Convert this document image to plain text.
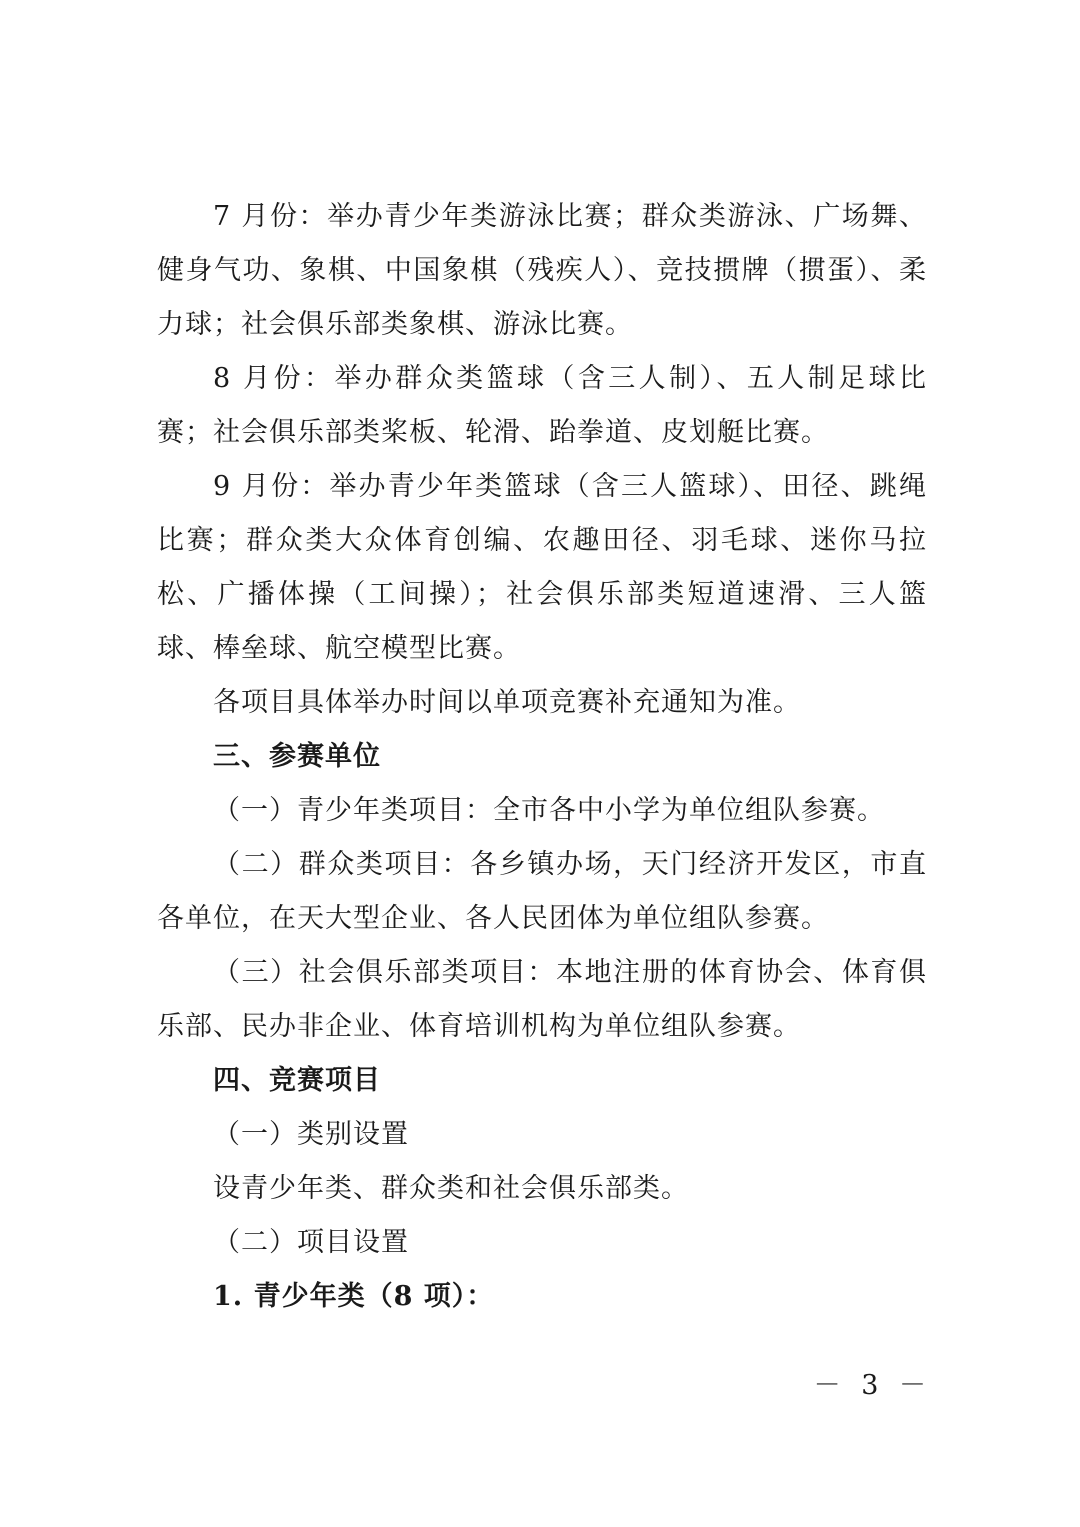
7 月份：举办青少年类游泳比赛；群众类游泳、广场舞、健身气功、象棋、中国象棋（残疾人）、竞技掼牌（掼蛋）、柔力球；社会俱乐部类象棋、游泳比赛。

8 月份：举办群众类篮球（含三人制）、五人制足球比赛；社会俱乐部类桨板、轮滑、跆拳道、皮划艇比赛。

9 月份：举办青少年类篮球（含三人篮球）、田径、跳绳比赛；群众类大众体育创编、农趣田径、羽毛球、迷你马拉松、广播体操（工间操）；社会俱乐部类短道速滑、三人篮球、棒垒球、航空模型比赛。

各项目具体举办时间以单项竞赛补充通知为准。

三、参赛单位

（一）青少年类项目：全市各中小学为单位组队参赛。

（二）群众类项目：各乡镇办场，天门经济开发区，市直各单位，在天大型企业、各人民团体为单位组队参赛。

（三）社会俱乐部类项目：本地注册的体育协会、体育俱乐部、民办非企业、体育培训机构为单位组队参赛。

四、竞赛项目

（一）类别设置

设青少年类、群众类和社会俱乐部类。

（二）项目设置

1. 青少年类（8 项）：

－ 3 －
